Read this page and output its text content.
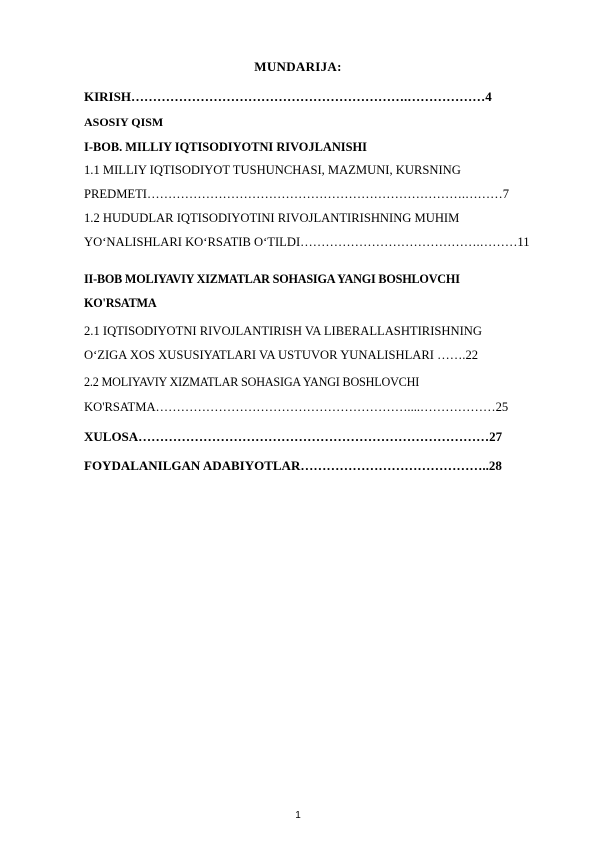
MUNDARIJA:
KIRISH……………………………………………………….………………4
ASOSIY QISM
I-BOB. MILLIY IQTISODIYOTNI RIVOJLANISHI
1.1 MILLIY IQTISODIYOT TUSHUNCHASI, MAZMUNI, KURSNING
PREDMETI………………………………………………………………….………7
1.2 HUDUDLAR IQTISODIYOTINI RIVOJLANTIRISHNING MUHIM
YO‘NALISHLARI KO‘RSATIB O‘TILDI…………………………………….………11
II-BOB MOLIYAVIY XIZMATLAR SOHASIGA YANGI BOSHLOVCHI
KO'RSATMA
2.1 IQTISODIYOTNI RIVOJLANTIRISH VA LIBERALLASHTIRISHNING
O‘ZIGA XOS XUSUSIYATLARI VA USTUVOR YUNALISHLARI …….22
2.2 MOLIYAVIY XIZMATLAR SOHASIGA YANGI BOSHLOVCHI
KO'RSATMA……………………………………………………....………………25
XULOSA………………………………………………………………………27
FOYDALANILGAN ADABIYOTLAR……………………………………..28
1
